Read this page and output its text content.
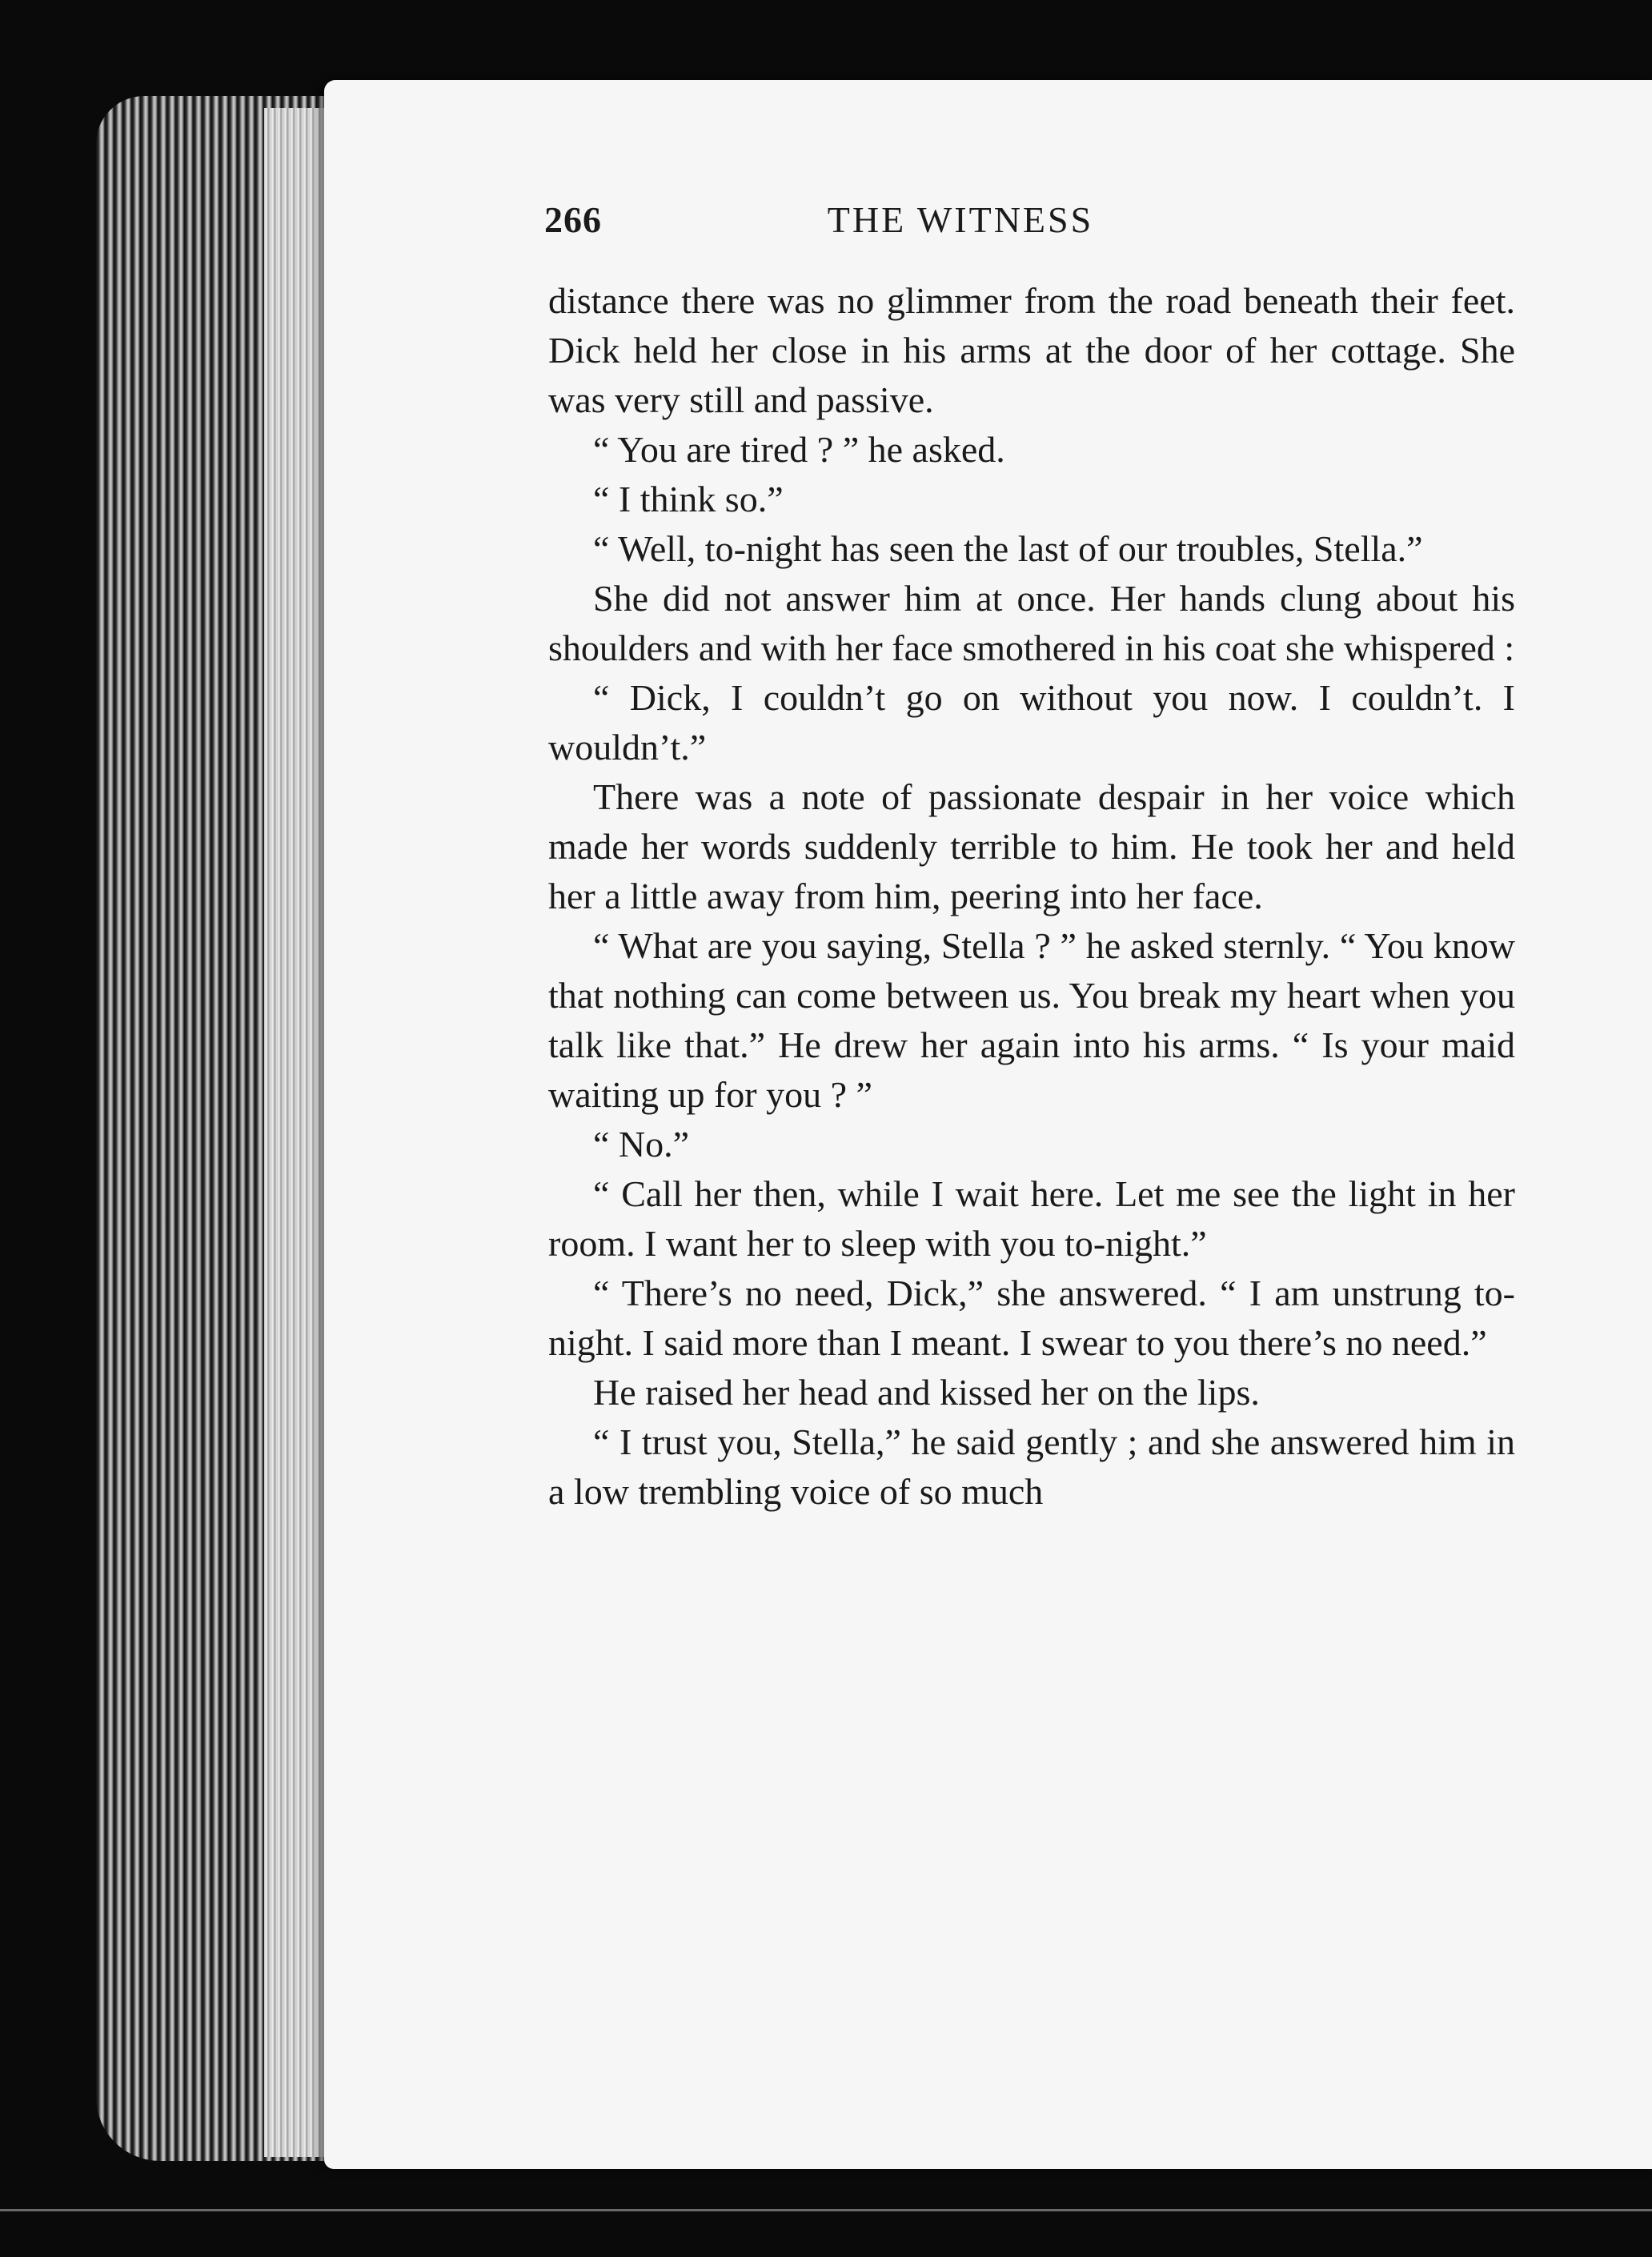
266	THE WITNESS

distance there was no glimmer from the road beneath their feet. Dick held her close in his arms at the door of her cottage. She was very still and passive.

“ You are tired ? ” he asked.

“ I think so.”

“ Well, to-night has seen the last of our troubles, Stella.”

She did not answer him at once. Her hands clung about his shoulders and with her face smothered in his coat she whispered :

“ Dick, I couldn’t go on without you now. I couldn’t. I wouldn’t.”

There was a note of passionate despair in her voice which made her words suddenly terrible to him. He took her and held her a little away from him, peering into her face.

“ What are you saying, Stella ? ” he asked sternly. “ You know that nothing can come between us. You break my heart when you talk like that.” He drew her again into his arms. “ Is your maid waiting up for you ? ”

“ No.”

“ Call her then, while I wait here. Let me see the light in her room. I want her to sleep with you to-night.”

“ There’s no need, Dick,” she answered. “ I am unstrung to-night. I said more than I meant. I swear to you there’s no need.”

He raised her head and kissed her on the lips.

“ I trust you, Stella,” he said gently ; and she answered him in a low trembling voice of so much
